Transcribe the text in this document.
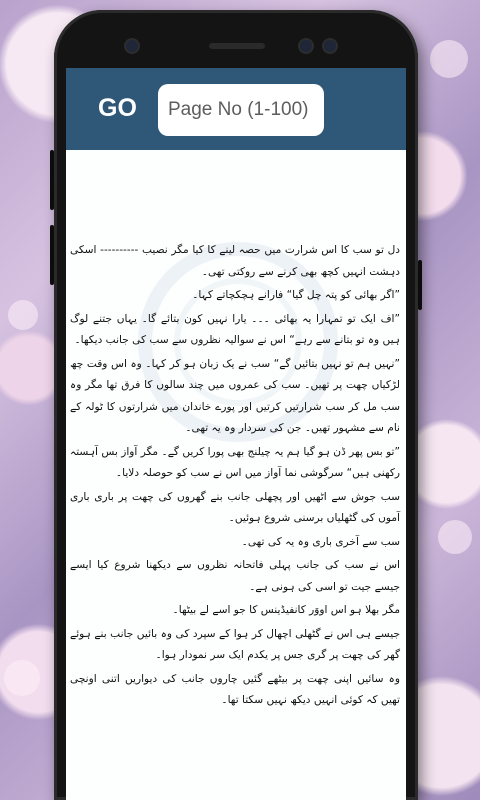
GO
Page No (1-100)

دل تو سب کا اس شرارت میں حصہ لینے کا کیا مگر نصیب ---------- اسکی دہشت انہیں کچھ بھی کرنے سے روکتی تھی۔

”اگر بھائی کو پتہ چل گیا“ فارانے ہچکچاتے کہا۔

”اف ایک تو تمہارا یہ بھائی ۔۔۔ یارا نہیں کون بتائے گا۔ یہاں جتنے لوگ ہیں وہ تو بتانے سے رہے“ اس نے سوالیہ نظروں سے سب کی جانب دیکھا۔

”نہیں ہم تو نہیں بتائیں گے“ سب نے یک زبان ہو کر کہا۔ وہ اس وقت چھ لڑکیاں چھت پر تھیں۔ سب کی عمروں میں چند سالوں کا فرق تھا مگر وہ سب مل کر سب شرارتیں کرتیں اور پورے خاندان میں شرارتوں کا ٹولہ کے نام سے مشہور تھیں۔ جن کی سردار وہ یہ تھی۔

”تو بس پھر ڈن ہو گیا ہم یہ چیلنج بھی پورا کریں گے۔ مگر آواز بس آہستہ رکھنی ہیں“ سرگوشی نما آواز میں اس نے سب کو حوصلہ دلایا۔

سب جوش سے اٹھیں اور پچھلی جانب بنے گھروں کی چھت پر باری باری آموں کی گٹھلیاں برسنی شروع ہوئیں۔

سب سے آخری باری وہ یہ کی تھی۔

اس نے سب کی جانب پہلی فاتحانہ نظروں سے دیکھنا شروع کیا ایسے جیسے جیت تو اسی کی ہونی ہے۔

مگر بھلا ہو اس اووَر کانفیڈینس کا جو اسے لے بیٹھا۔

جیسے ہی اس نے گٹھلی اچھال کر ہوا کے سپرد کی وہ بائیں جانب بنے ہوئے گھر کی چھت پر گری جس پر یکدم ایک سر نمودار ہوا۔

وہ سائیں اپنی چھت پر بیٹھے گئیں چاروں جانب کی دیواریں اتنی اونچی تھیں کہ کوئی انہیں دیکھ نہیں سکتا تھا۔
